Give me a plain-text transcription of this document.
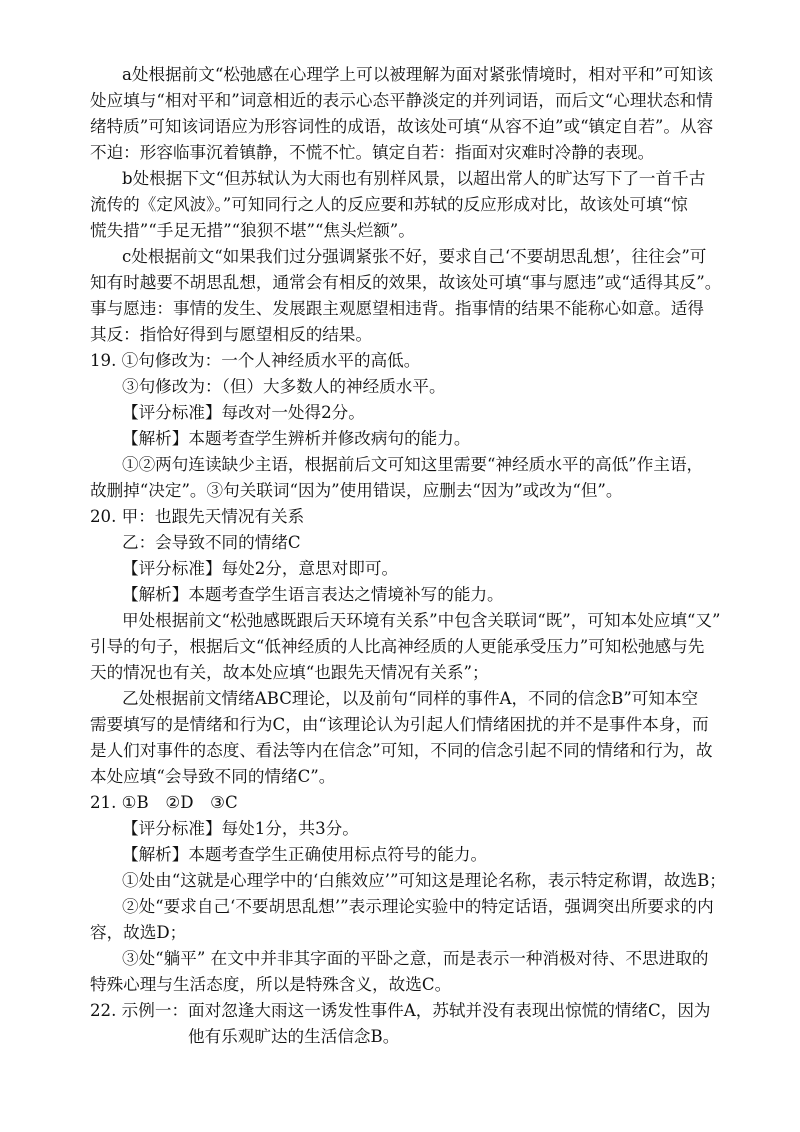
a处根据前文“松弛感在心理学上可以被理解为面对紧张情境时，相对平和”可知该
处应填与“相对平和”词意相近的表示心态平静淡定的并列词语，而后文“心理状态和情
绪特质”可知该词语应为形容词性的成语，故该处可填“从容不迫”或“镇定自若”。从容
不迫：形容临事沉着镇静，不慌不忙。镇定自若：指面对灾难时冷静的表现。
b处根据下文“但苏轼认为大雨也有别样风景，以超出常人的旷达写下了一首千古
流传的《定风波》。”可知同行之人的反应要和苏轼的反应形成对比，故该处可填“惊
慌失措”“手足无措”“狼狈不堪”“焦头烂额”。
c处根据前文“如果我们过分强调紧张不好，要求自己‘不要胡思乱想’，往往会”可
知有时越要不胡思乱想，通常会有相反的效果，故该处可填“事与愿违”或“适得其反”。
事与愿违：事情的发生、发展跟主观愿望相违背。指事情的结果不能称心如意。适得
其反：指恰好得到与愿望相反的结果。
19. ①句修改为：一个人神经质水平的高低。
③句修改为：（但）大多数人的神经质水平。
【评分标准】每改对一处得2分。
【解析】本题考查学生辨析并修改病句的能力。
①②两句连读缺少主语，根据前后文可知这里需要“神经质水平的高低”作主语，
故删掉“决定”。③句关联词“因为”使用错误，应删去“因为”或改为“但”。
20. 甲：也跟先天情况有关系
乙：会导致不同的情绪C
【评分标准】每处2分，意思对即可。
【解析】本题考查学生语言表达之情境补写的能力。
甲处根据前文“松弛感既跟后天环境有关系”中包含关联词“既”，可知本处应填“又”
引导的句子，根据后文“低神经质的人比高神经质的人更能承受压力”可知松弛感与先
天的情况也有关，故本处应填“也跟先天情况有关系”；
乙处根据前文情绪ABC理论，以及前句“同样的事件A，不同的信念B”可知本空
需要填写的是情绪和行为C，由“该理论认为引起人们情绪困扰的并不是事件本身，而
是人们对事件的态度、看法等内在信念”可知，不同的信念引起不同的情绪和行为，故
本处应填“会导致不同的情绪C”。
21. ①B　②D　③C
【评分标准】每处1分，共3分。
【解析】本题考查学生正确使用标点符号的能力。
①处由“这就是心理学中的‘白熊效应’”可知这是理论名称，表示特定称谓，故选B；
②处“要求自己‘不要胡思乱想’”表示理论实验中的特定话语，强调突出所要求的内
容，故选D；
③处“躺平” 在文中并非其字面的平卧之意，而是表示一种消极对待、不思进取的
特殊心理与生活态度，所以是特殊含义，故选C。
22. 示例一：面对忽逢大雨这一诱发性事件A，苏轼并没有表现出惊慌的情绪C，因为
他有乐观旷达的生活信念B。
